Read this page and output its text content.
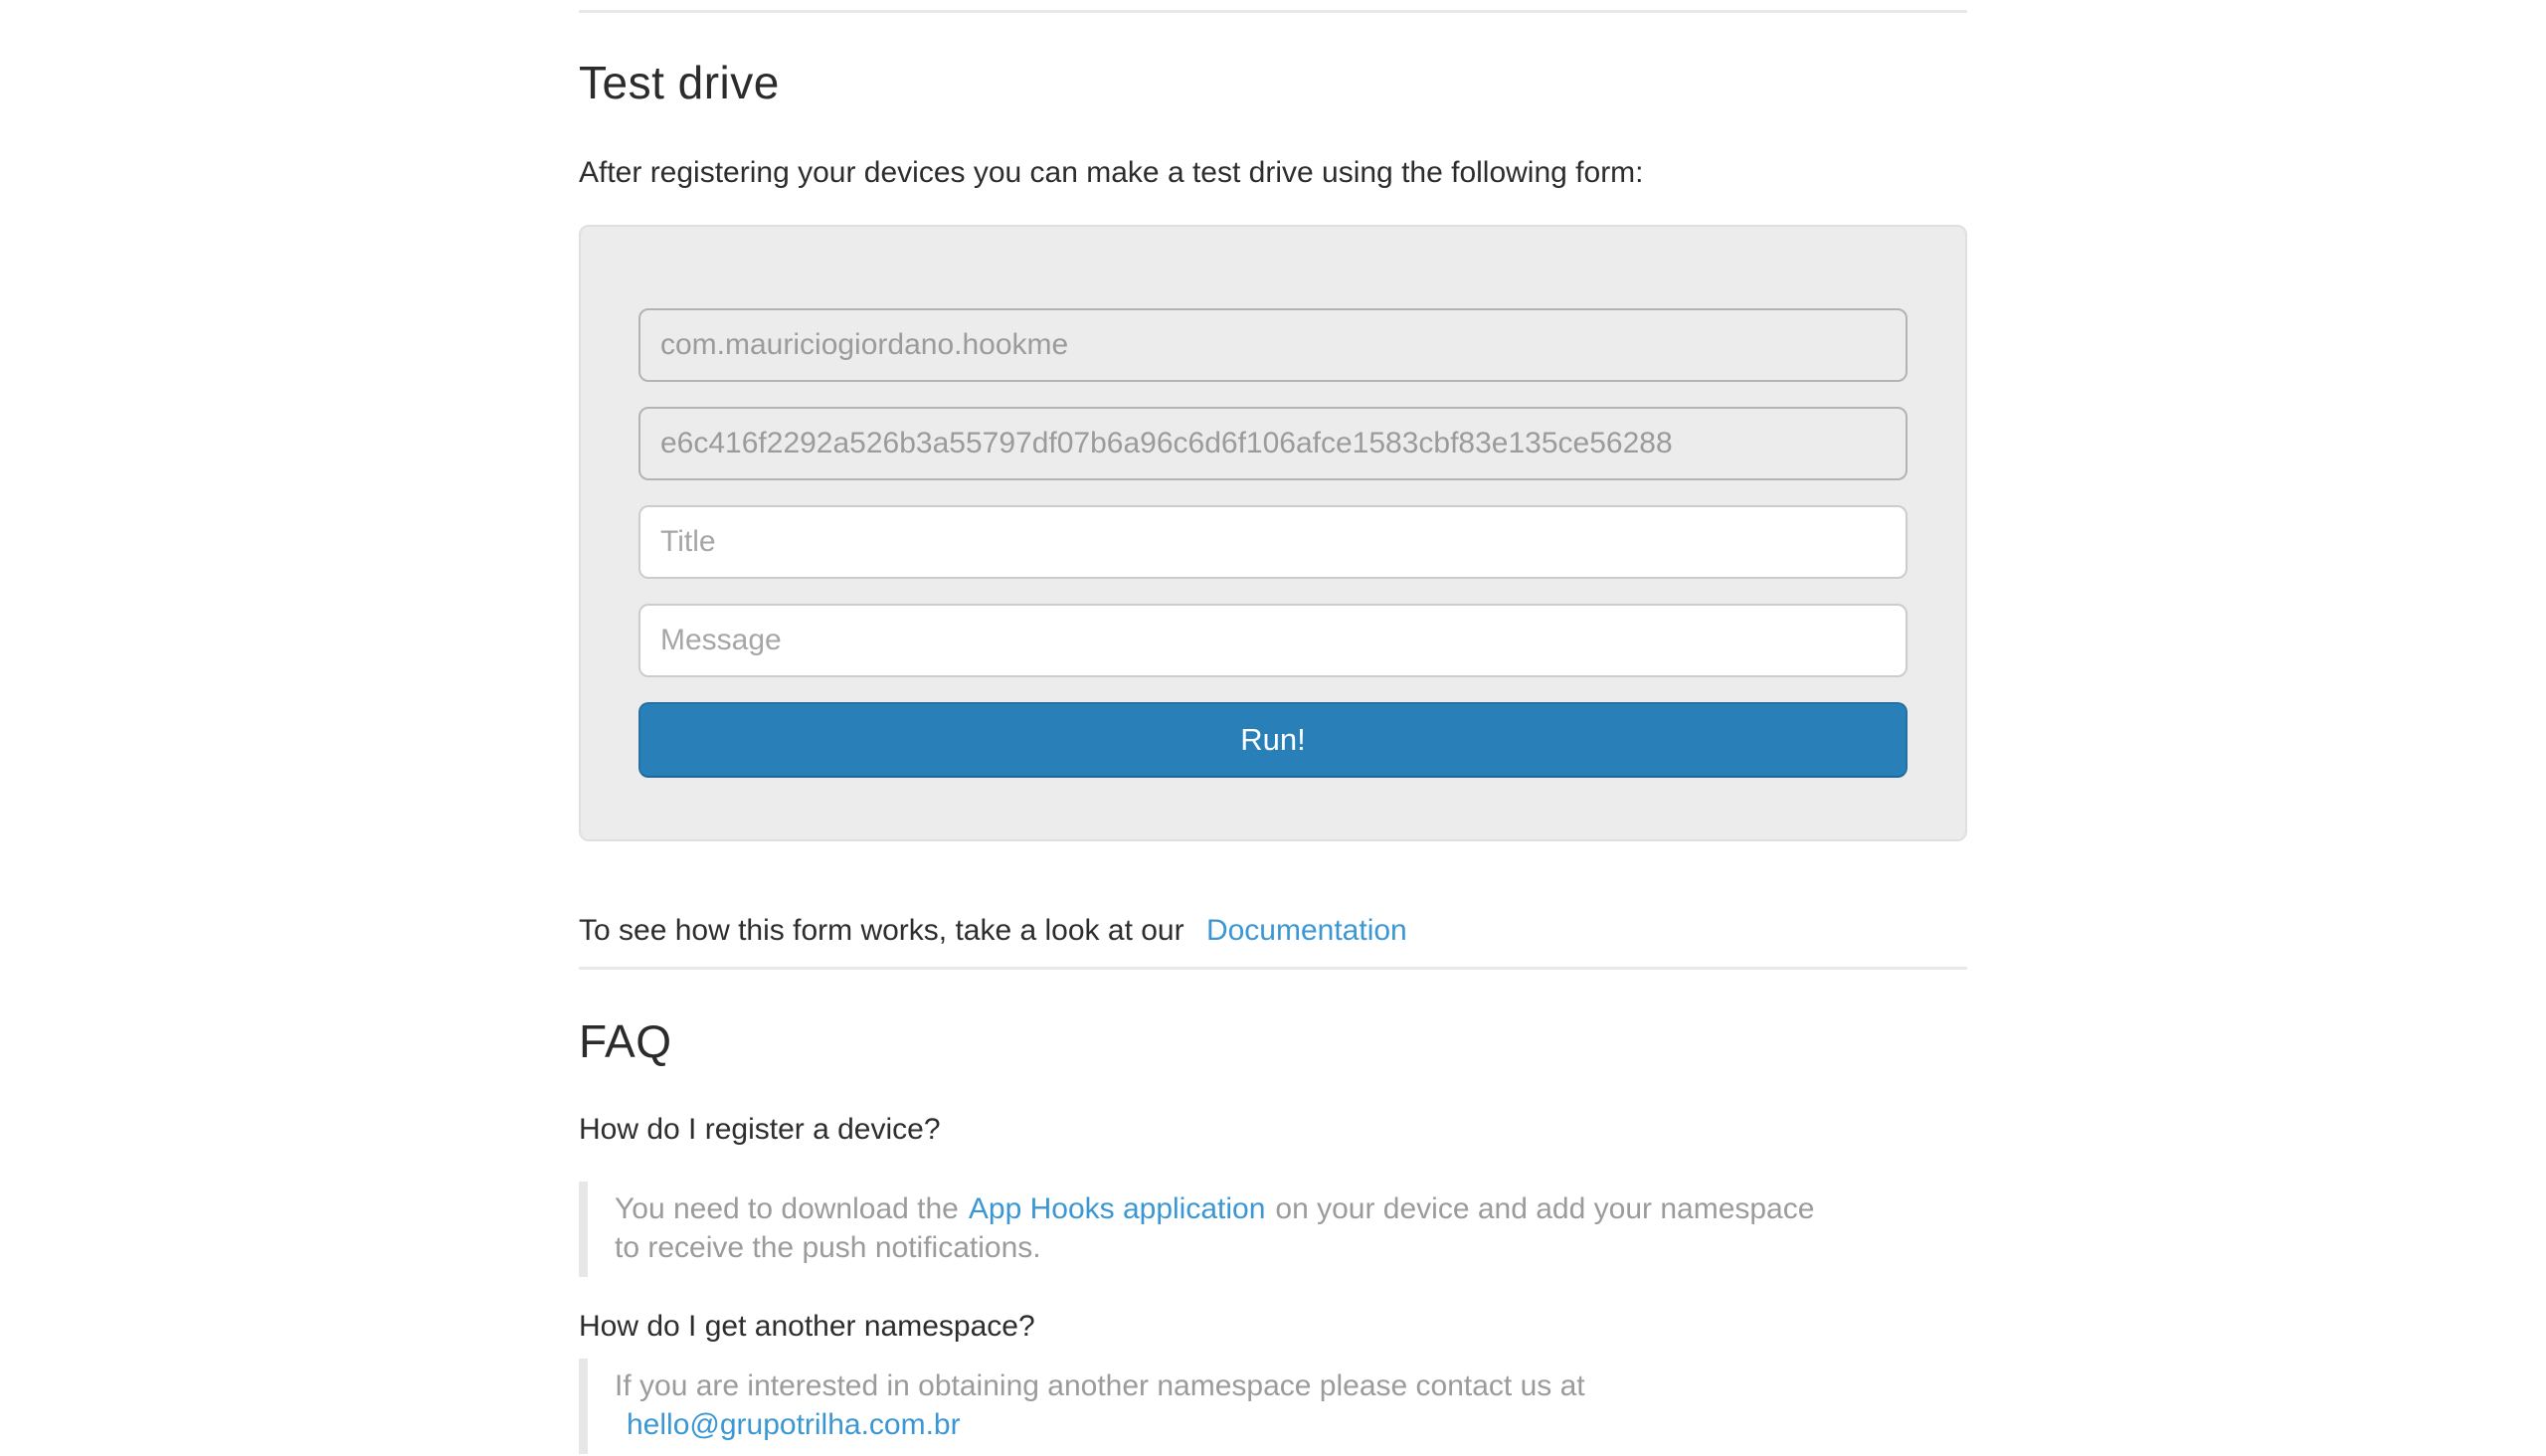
Test drive

After registering your devices you can make a test drive using the following form:

com.mauriciogiordano.hookme
e6c416f2292a526b3a55797df07b6a96c6d6f106afce1583cbf83e135ce56288
Title
Message
Run!

To see how this form works, take a look at our Documentation

FAQ

How do I register a device?

You need to download the App Hooks application on your device and add your namespace
to receive the push notifications.

How do I get another namespace?

If you are interested in obtaining another namespace please contact us at
hello@grupotrilha.com.br
